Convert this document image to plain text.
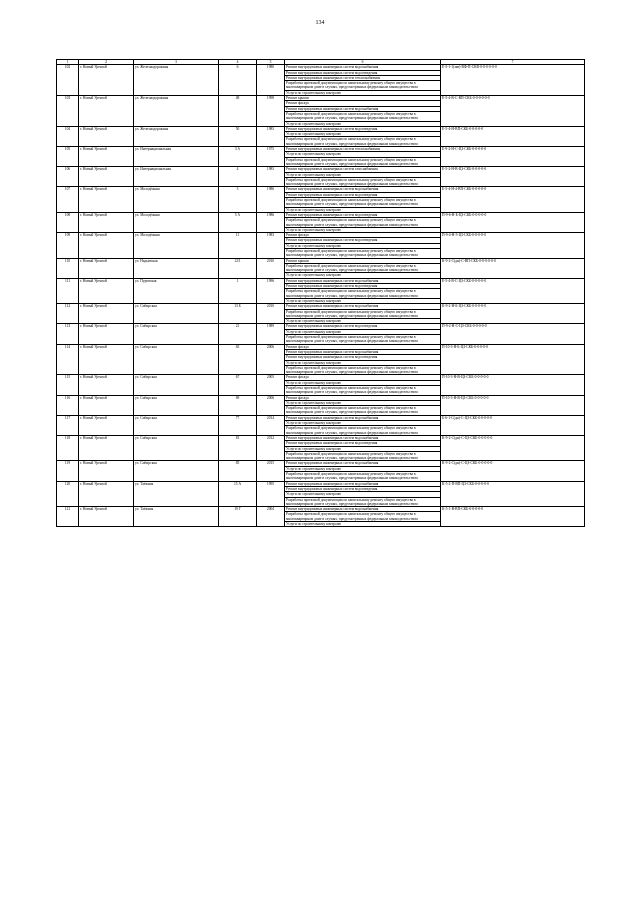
134
1	2	3	4	5	6	7
102	г. Новый Уренгой	ул. Железнодорожная	6	1980	Ремонт внутридомовых инженерных систем водоснабжения	Е-5-1-1(зав)-ВФ-П-СКВ-0-0-0-0-0-0
					Ремонт внутридомовых инженерных систем водоотведения	
					Ремонт внутридомовых инженерных систем теплоснабжения	
					Разработка проектной документации по капитальному ремонту общего имущества в многоквартирном доме в случаях, предусмотренных федеральным законодательством	
					Услуги по строительному контролю	
103	г. Новый Уренгой	ул. Железнодорожная	48	1998	Ремонт крыши	Е-5-4-В-С-ВП-СКБ-0-0-0-0-0-0
					Ремонт фасада	
					Ремонт внутридомовых инженерных систем водоснабжения	
					Разработка проектной документации по капитальному ремонту общего имущества в многоквартирном доме в случаях, предусмотренных федеральным законодательством	
					Услуги по строительному контролю	
104	г. Новый Уренгой	ул. Железнодорожная	50	1983	Ремонт внутридомовых инженерных систем водоотведения	Е-5-4-Н-ВП-СКБ-0-0-0-0-0
					Услуги по строительному контролю	
					Разработка проектной документации по капитальному ремонту общего имущества в многоквартирном доме в случаях, предусмотренных федеральным законодательством	
105	г. Новый Уренгой	ул. Интернациональная	3 А	1975	Ремонт внутридомовых инженерных систем теплоснабжения	Е-9-2-Н-С-ЦЗ-СКБ-0-0-0-0-0
					Услуги по строительному контролю	
					Разработка проектной документации по капитальному ремонту общего имущества в многоквартирном доме в случаях, предусмотренных федеральным законодательством	
106	г. Новый Уренгой	ул. Интернациональная	4	1983	Ремонт внутридомовых инженерных систем газоснабжения	Е-5-2-Н-В-ЦЗ-СКБ-0-0-0-0-0
					Услуги по строительному контролю	
					Разработка проектной документации по капитальному ремонту общего имущества в многоквартирном доме в случаях, предусмотренных федеральным законодательством	
107	г. Новый Уренгой	ул. Молодёжная	3	1986	Ремонт внутридомовых инженерных систем водоснабжения	Е-5-4-Н-4-ВП-СКБ-0-0-0-0-0
					Ремонт внутридомовых инженерных систем водоотведения	
					Разработка проектной документации по капитальному ремонту общего имущества в многоквартирном доме в случаях, предусмотренных федеральным законодательством	
					Услуги по строительному контролю	
108	г. Новый Уренгой	ул. Молодёжная	5 А	1986	Ремонт внутридомовых инженерных систем водоотведения	П-9-6-Н-Б-ЦЗ-СКБ-0-0-0-0-0
					Разработка проектной документации по капитальному ремонту общего имущества в многоквартирном доме в случаях, предусмотренных федеральным законодательством	
					Услуги по строительному контролю	
109	г. Новый Уренгой	ул. Молодёжная	11	1983	Ремонт фасада	П-9-4-Н-5-ЦЗ-СКБ-0-0-0-0-0
					Ремонт внутридомовых инженерных систем водоотведения	
					Услуги по строительному контролю	
					Разработка проектной документации по капитальному ремонту общего имущества в многоквартирном доме в случаях, предусмотренных федеральным законодательством	
110	г. Новый Уренгой	ул. Надымская	12/1	2010	Ремонт крыши	К-9-2-С(дн)-С-ВП-СКБ-0-0-0-0-0-0
					Разработка проектной документации по капитальному ремонту общего имущества в многоквартирном доме в случаях, предусмотренных федеральным законодательством	
					Услуги по строительному контролю	
111	г. Новый Уренгой	ул. Пуровская	1	1996	Ремонт внутридомовых инженерных систем водоснабжения	Е-5-4-В-С-ЦЗ-СКБ-0-0-0-0-0
					Ремонт внутридомовых инженерных систем водоотведения	
					Разработка проектной документации по капитальному ремонту общего имущества в многоквартирном доме в случаях, предусмотренных федеральным законодательством	
					Услуги по строительному контролю	
112	г. Новый Уренгой	ул. Сибирская	13 Б	2010	Ремонт внутридомовых инженерных систем водоснабжения	К-9-2-Н-Б-ЦЗ-СКБ-0-0-0-0-0
					Разработка проектной документации по капитальному ремонту общего имущества в многоквартирном доме в случаях, предусмотренных федеральным законодательством	
					Услуги по строительному контролю	
113	г. Новый Уренгой	ул. Сибирская	21	1989	Ремонт внутридомовых инженерных систем водоотведения	П-9-2-Н-С-ЦЗ-СКБ-0-0-0-0-0
					Услуги по строительному контролю	
					Разработка проектной документации по капитальному ремонту общего имущества в многоквартирном доме в случаях, предусмотренных федеральным законодательством	
114	г. Новый Уренгой	ул. Сибирская	65	2006	Ремонт фасада	П-10-3-Н-Б-ЦЗ-СКБ-0-0-0-0-0
					Ремонт внутридомовых инженерных систем водоснабжения	
					Ремонт внутридомовых инженерных систем водоотведения	
					Услуги по строительному контролю	
					Разработка проектной документации по капитальному ремонту общего имущества в многоквартирном доме в случаях, предусмотренных федеральным законодательством	
115	г. Новый Уренгой	ул. Сибирская	67	2005	Ремонт фасада	П-10-3-Н-В-ЦЗ-СКБ-0-0-0-0-0
					Услуги по строительному контролю	
					Разработка проектной документации по капитальному ремонту общего имущества в многоквартирном доме в случаях, предусмотренных федеральным законодательством	
116	г. Новый Уренгой	ул. Сибирская	69	2006	Ремонт фасада	П-10-3-Н-В-ЦЗ-СКБ-0-0-0-0-0
					Услуги по строительному контролю	
					Разработка проектной документации по капитальному ремонту общего имущества в многоквартирном доме в случаях, предусмотренных федеральным законодательством	
117	г. Новый Уренгой	ул. Сибирская	77	2014	Ремонт внутридомовых инженерных систем водоснабжения	Б-6-1-С(дн)-С-ЦЗ-СКБ-0-0-0-0-0
					Услуги по строительному контролю	
					Разработка проектной документации по капитальному ремонту общего имущества в многоквартирном доме в случаях, предусмотренных федеральным законодательством	
118	г. Новый Уренгой	ул. Сибирская	81	2012	Ремонт внутридомовых инженерных систем водоснабжения	К-9-2-С(дн)-С-ЦЗ-СКБ-0-0-0-0-0
					Ремонт внутридомовых инженерных систем водоотведения	
					Услуги по строительному контролю	
					Разработка проектной документации по капитальному ремонту общего имущества в многоквартирном доме в случаях, предусмотренных федеральным законодательством	
119	г. Новый Уренгой	ул. Сибирская	85	2015	Ремонт внутридомовых инженерных систем водоснабжения	К-9-2-С(дн)-С-ЦЗ-СКБ-0-0-0-0-0
					Услуги по строительному контролю	
					Разработка проектной документации по капитальному ремонту общего имущества в многоквартирном доме в случаях, предусмотренных федеральным законодательством	
120	г. Новый Уренгой	ул. Таёжная	15 А	1995	Ремонт внутридомовых инженерных систем водоснабжения	К-5-2-П-ВП-ЦЗ-СКБ-0-0-0-0-0
					Ремонт внутридомовых инженерных систем водоотведения	
					Услуги по строительному контролю	
					Разработка проектной документации по капитальному ремонту общего имущества в многоквартирном доме в случаях, предусмотренных федеральным законодательством	
121	г. Новый Уренгой	ул. Таёжная	19 Г	2004	Ремонт внутридомовых инженерных систем водоснабжения	К-5-1-В-ВП-СКБ-0-0-0-0-0
					Разработка проектной документации по капитальному ремонту общего имущества в многоквартирном доме в случаях, предусмотренных федеральным законодательством	
					Услуги по строительному контролю	
